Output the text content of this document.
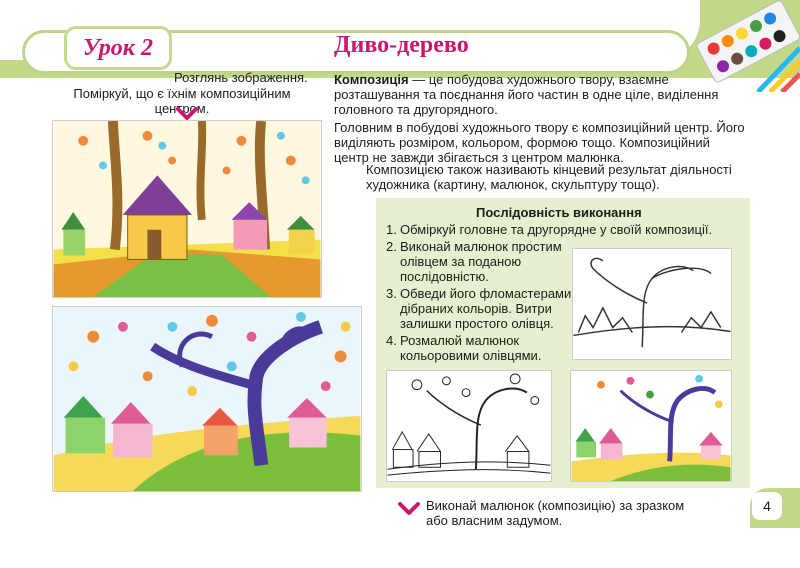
Урок 2	Диво-дерево
Розглянь зображення.
Поміркуй, що є їхнім композиційним центром.
Композиція — це побудова художнього твору, взаємне розташування та поєднання його частин в одне ціле, виділення головного та другорядного.
Головним в побудові художнього твору є композиційний центр. Його виділяють розміром, кольором, формою тощо. Композиційний центр не завжди збігається з центром малюнка.
Композицією також називають кінцевий результат діяльності художника (картину, малюнок, скульптуру тощо).
Послідовність виконання
1. Обміркуй головне та другорядне у своїй композиції.
2. Виконай малюнок простим олівцем за поданою послідовністю.
3. Обведи його фломастерами дібраних кольорів. Витри залишки простого олівця.
4. Розмалюй малюнок кольоровими олівцями.
Виконай малюнок (композицію) за зразком або власним задумом.
4
